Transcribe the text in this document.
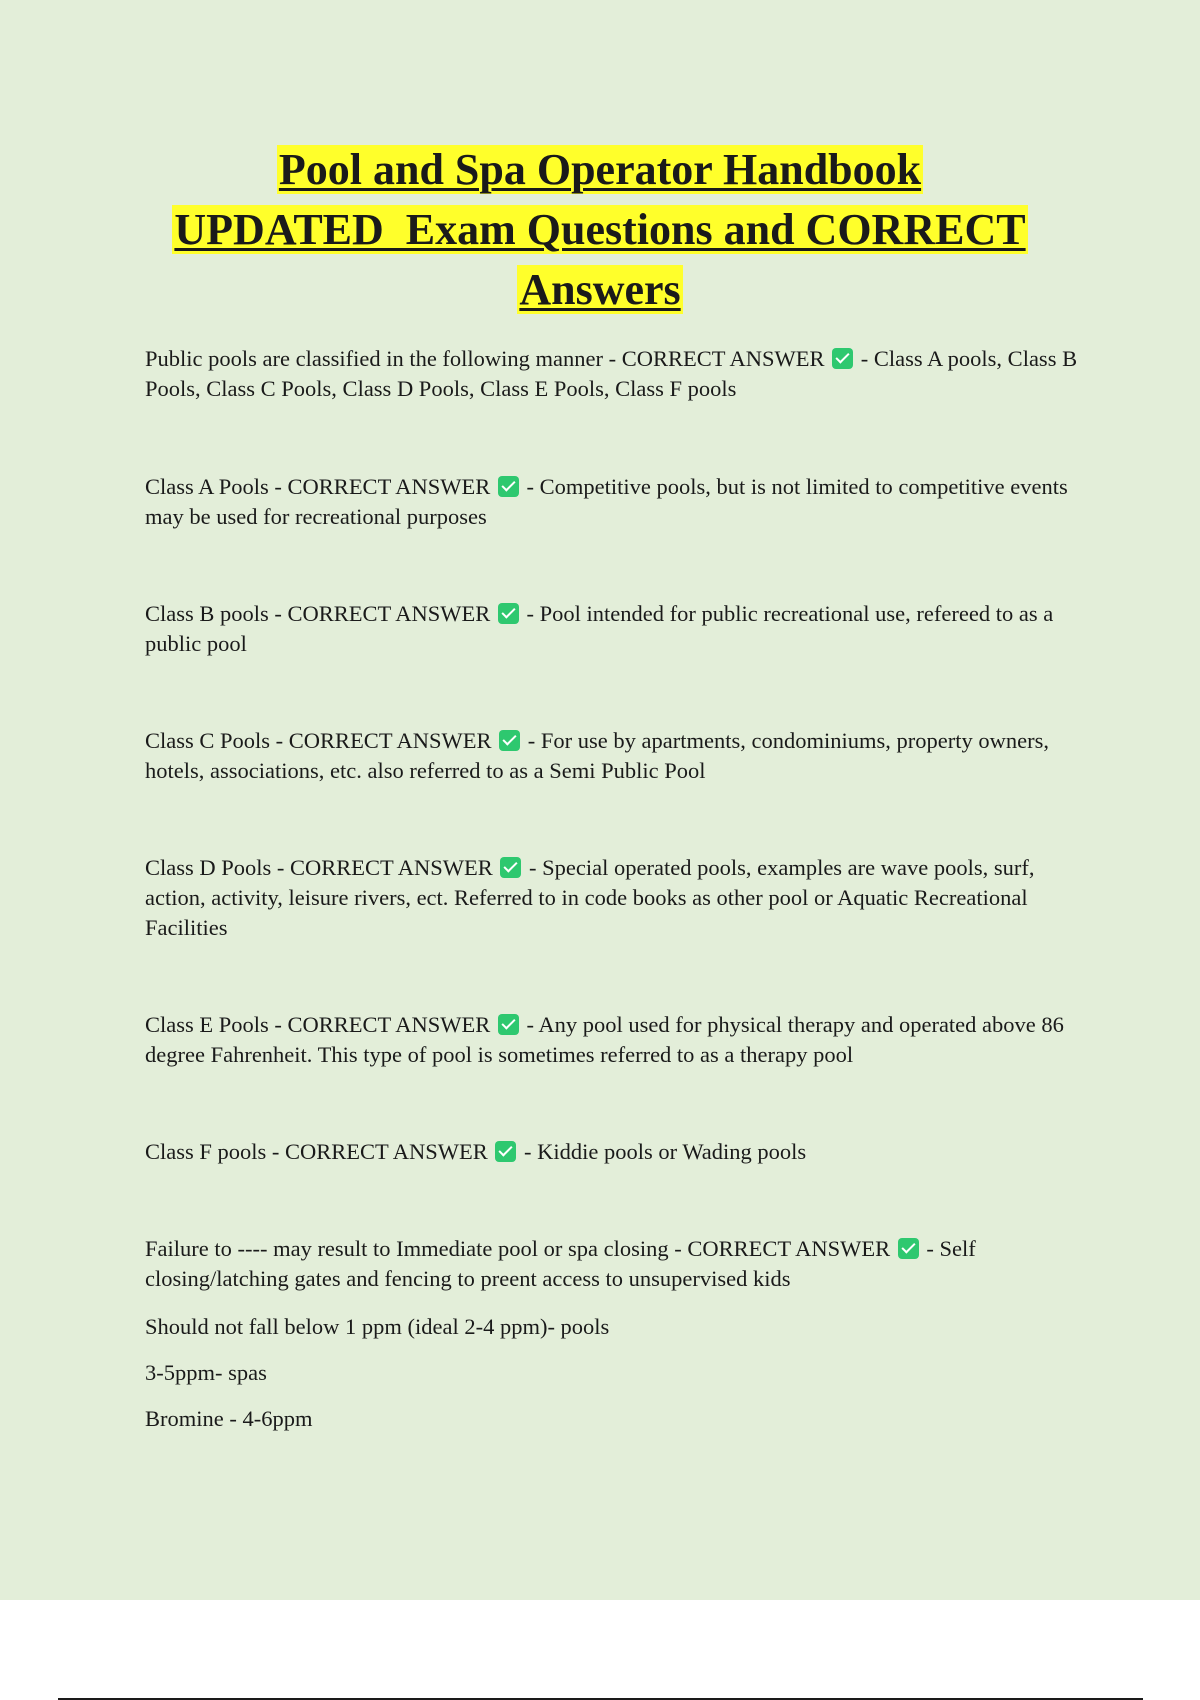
Pool and Spa Operator Handbook
UPDATED  Exam Questions and CORRECT
Answers

Public pools are classified in the following manner - CORRECT ANSWER  - Class A pools, Class B Pools, Class C Pools, Class D Pools, Class E Pools, Class F pools

Class A Pools - CORRECT ANSWER  - Competitive pools, but is not limited to competitive events may be used for recreational purposes

Class B pools - CORRECT ANSWER  - Pool intended for public recreational use, refereed to as a public pool

Class C Pools - CORRECT ANSWER  - For use by apartments, condominiums, property owners, hotels, associations, etc. also referred to as a Semi Public Pool

Class D Pools - CORRECT ANSWER  - Special operated pools, examples are wave pools, surf, action, activity, leisure rivers, ect. Referred to in code books as other pool or Aquatic Recreational Facilities

Class E Pools - CORRECT ANSWER  - Any pool used for physical therapy and operated above 86 degree Fahrenheit. This type of pool is sometimes referred to as a therapy pool

Class F pools - CORRECT ANSWER  - Kiddie pools or Wading pools

Failure to ---- may result to Immediate pool or spa closing - CORRECT ANSWER  - Self closing/latching gates and fencing to preent access to unsupervised kids

Should not fall below 1 ppm (ideal 2-4 ppm)- pools

3-5ppm- spas

Bromine - 4-6ppm
